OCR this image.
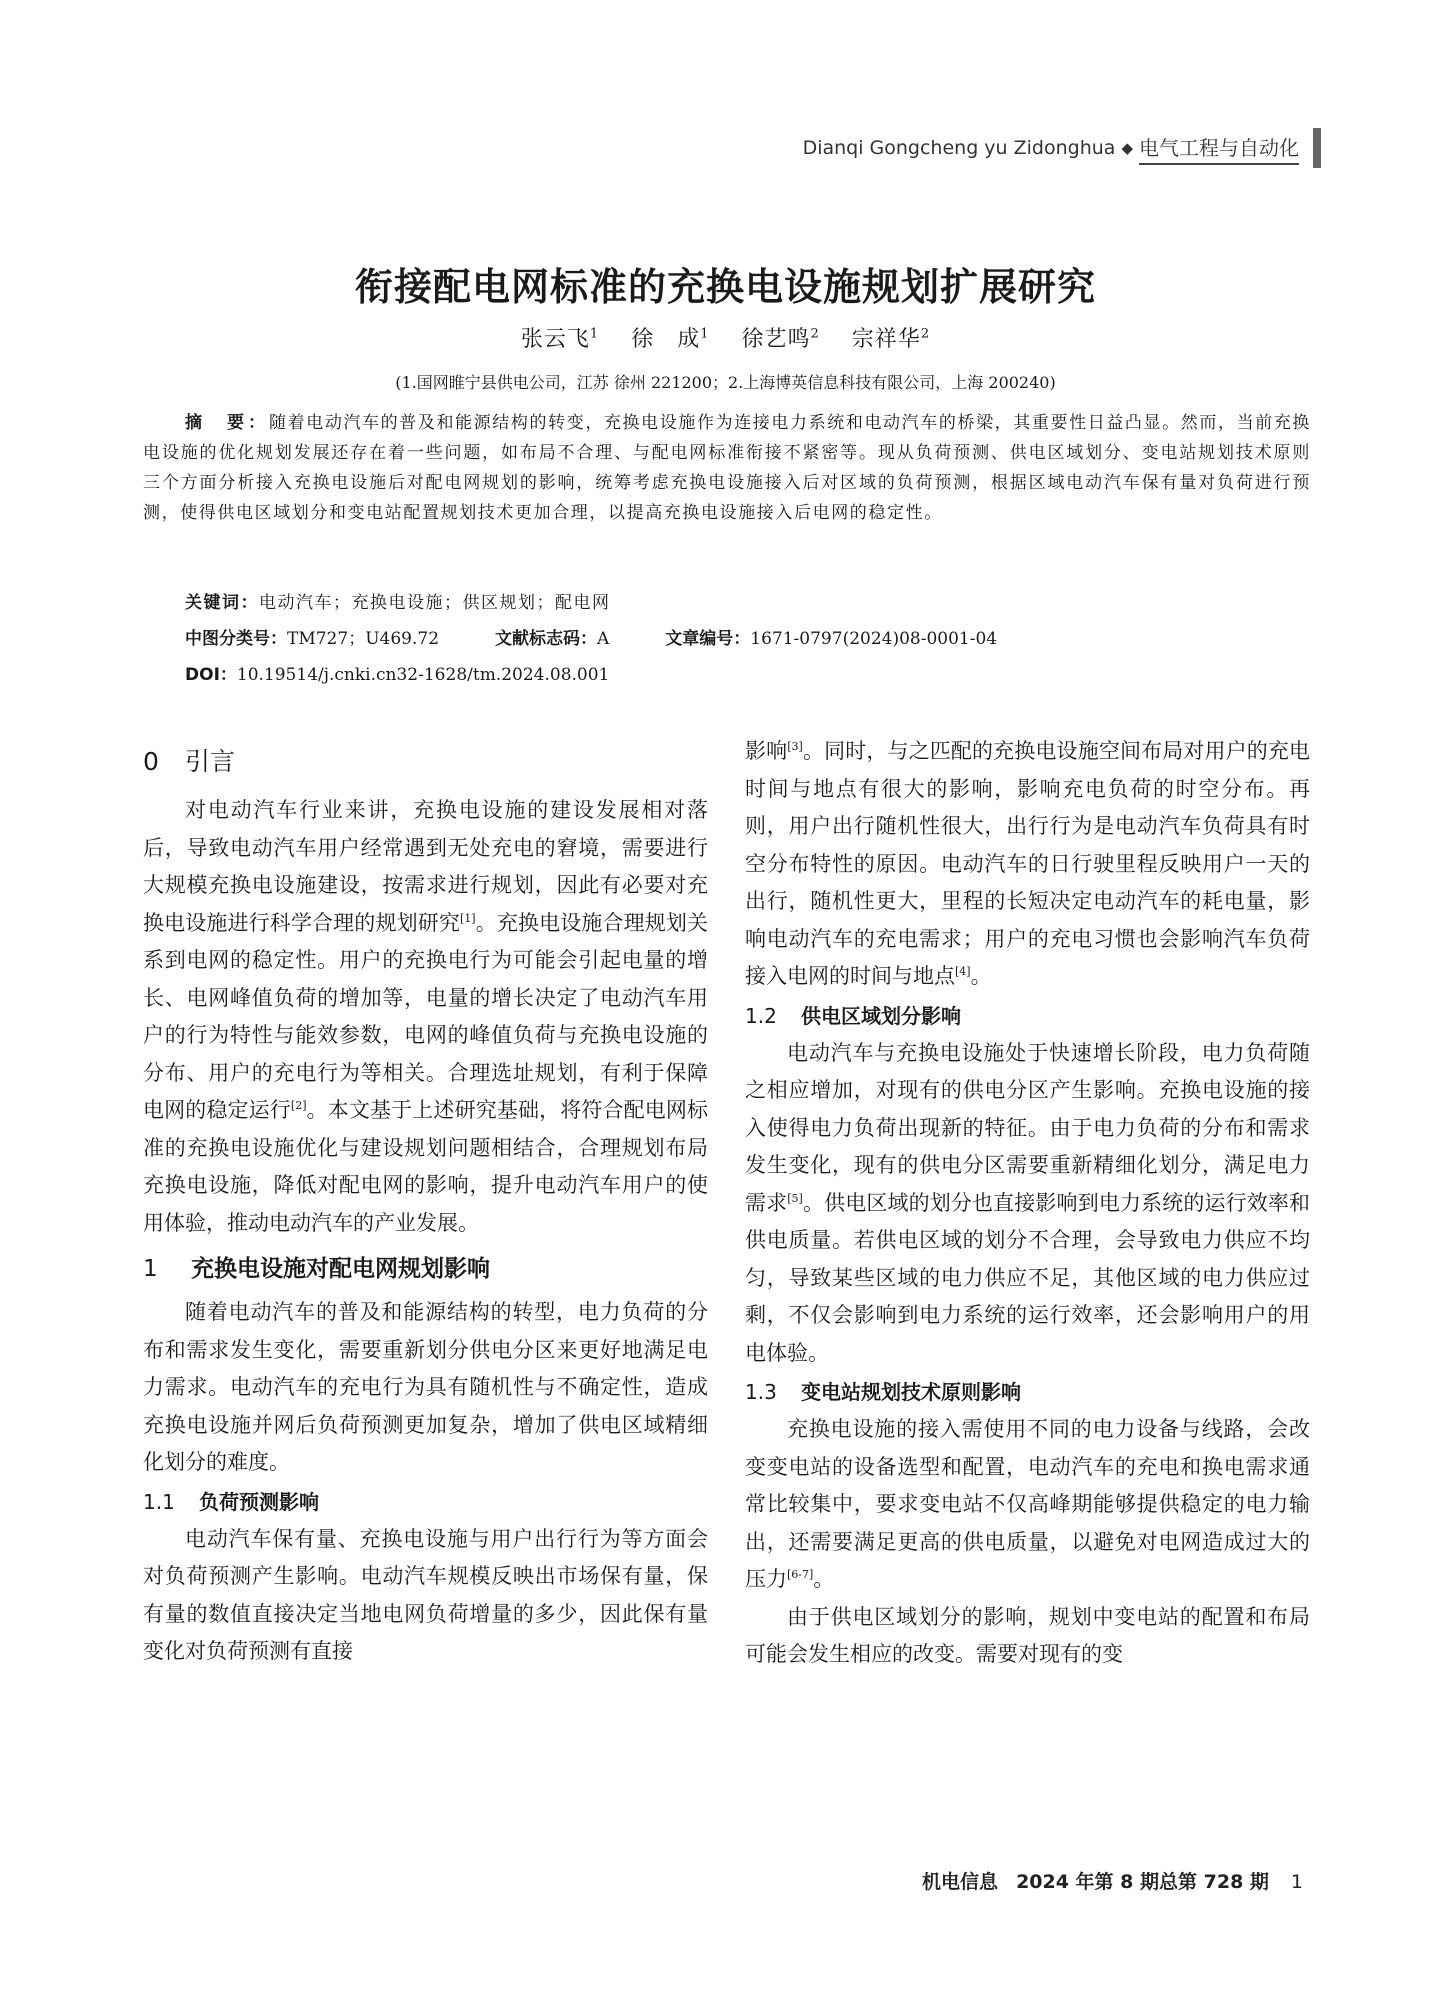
Dianqi Gongcheng yu Zidonghua ◆ 电气工程与自动化
衔接配电网标准的充换电设施规划扩展研究
张云飞$^1$ 徐　成$^1$ 徐艺鸣$^2$ 宗祥华$^2$
(1.国网睢宁县供电公司，江苏 徐州 221200；2.上海博英信息科技有限公司，上海 200240)
摘　要：随着电动汽车的普及和能源结构的转变，充换电设施作为连接电力系统和电动汽车的桥梁，其重要性日益凸显。然而，当前充换电设施的优化规划发展还存在着一些问题，如布局不合理、与配电网标准衔接不紧密等。现从负荷预测、供电区域划分、变电站规划技术原则三个方面分析接入充换电设施后对配电网规划的影响，统筹考虑充换电设施接入后对区域的负荷预测，根据区域电动汽车保有量对负荷进行预测，使得供电区域划分和变电站配置规划技术更加合理，以提高充换电设施接入后电网的稳定性。
关键词：电动汽车；充换电设施；供区规划；配电网
中图分类号：TM727；U469.72	文献标志码：A	文章编号：1671-0797(2024)08-0001-04
DOI：10.19514/j.cnki.cn32-1628/tm.2024.08.001
0 引言

对电动汽车行业来讲，充换电设施的建设发展相对落后，导致电动汽车用户经常遇到无处充电的窘境，需要进行大规模充换电设施建设，按需求进行规划，因此有必要对充换电设施进行科学合理的规划研究[1]。充换电设施合理规划关系到电网的稳定性。用户的充换电行为可能会引起电量的增长、电网峰值负荷的增加等，电量的增长决定了电动汽车用户的行为特性与能效参数，电网的峰值负荷与充换电设施的分布、用户的充电行为等相关。合理选址规划，有利于保障电网的稳定运行[2]。本文基于上述研究基础，将符合配电网标准的充换电设施优化与建设规划问题相结合，合理规划布局充换电设施，降低对配电网的影响，提升电动汽车用户的使用体验，推动电动汽车的产业发展。

1 充换电设施对配电网规划影响

随着电动汽车的普及和能源结构的转型，电力负荷的分布和需求发生变化，需要重新划分供电分区来更好地满足电力需求。电动汽车的充电行为具有随机性与不确定性，造成充换电设施并网后负荷预测更加复杂，增加了供电区域精细化划分的难度。

1.1 负荷预测影响

电动汽车保有量、充换电设施与用户出行行为等方面会对负荷预测产生影响。电动汽车规模反映出市场保有量，保有量的数值直接决定当地电网负荷增量的多少，因此保有量变化对负荷预测有直接

影响[3]。同时，与之匹配的充换电设施空间布局对用户的充电时间与地点有很大的影响，影响充电负荷的时空分布。再则，用户出行随机性很大，出行行为是电动汽车负荷具有时空分布特性的原因。电动汽车的日行驶里程反映用户一天的出行，随机性更大，里程的长短决定电动汽车的耗电量，影响电动汽车的充电需求；用户的充电习惯也会影响汽车负荷接入电网的时间与地点[4]。

1.2 供电区域划分影响

电动汽车与充换电设施处于快速增长阶段，电力负荷随之相应增加，对现有的供电分区产生影响。充换电设施的接入使得电力负荷出现新的特征。由于电力负荷的分布和需求发生变化，现有的供电分区需要重新精细化划分，满足电力需求[5]。供电区域的划分也直接影响到电力系统的运行效率和供电质量。若供电区域的划分不合理，会导致电力供应不均匀，导致某些区域的电力供应不足，其他区域的电力供应过剩，不仅会影响到电力系统的运行效率，还会影响用户的用电体验。

1.3 变电站规划技术原则影响

充换电设施的接入需使用不同的电力设备与线路，会改变变电站的设备选型和配置，电动汽车的充电和换电需求通常比较集中，要求变电站不仅高峰期能够提供稳定的电力输出，还需要满足更高的供电质量，以避免对电网造成过大的压力[6-7]。

由于供电区域划分的影响，规划中变电站的配置和布局可能会发生相应的改变。需要对现有的变

机电信息 2024 年第 8 期总第 728 期 1
